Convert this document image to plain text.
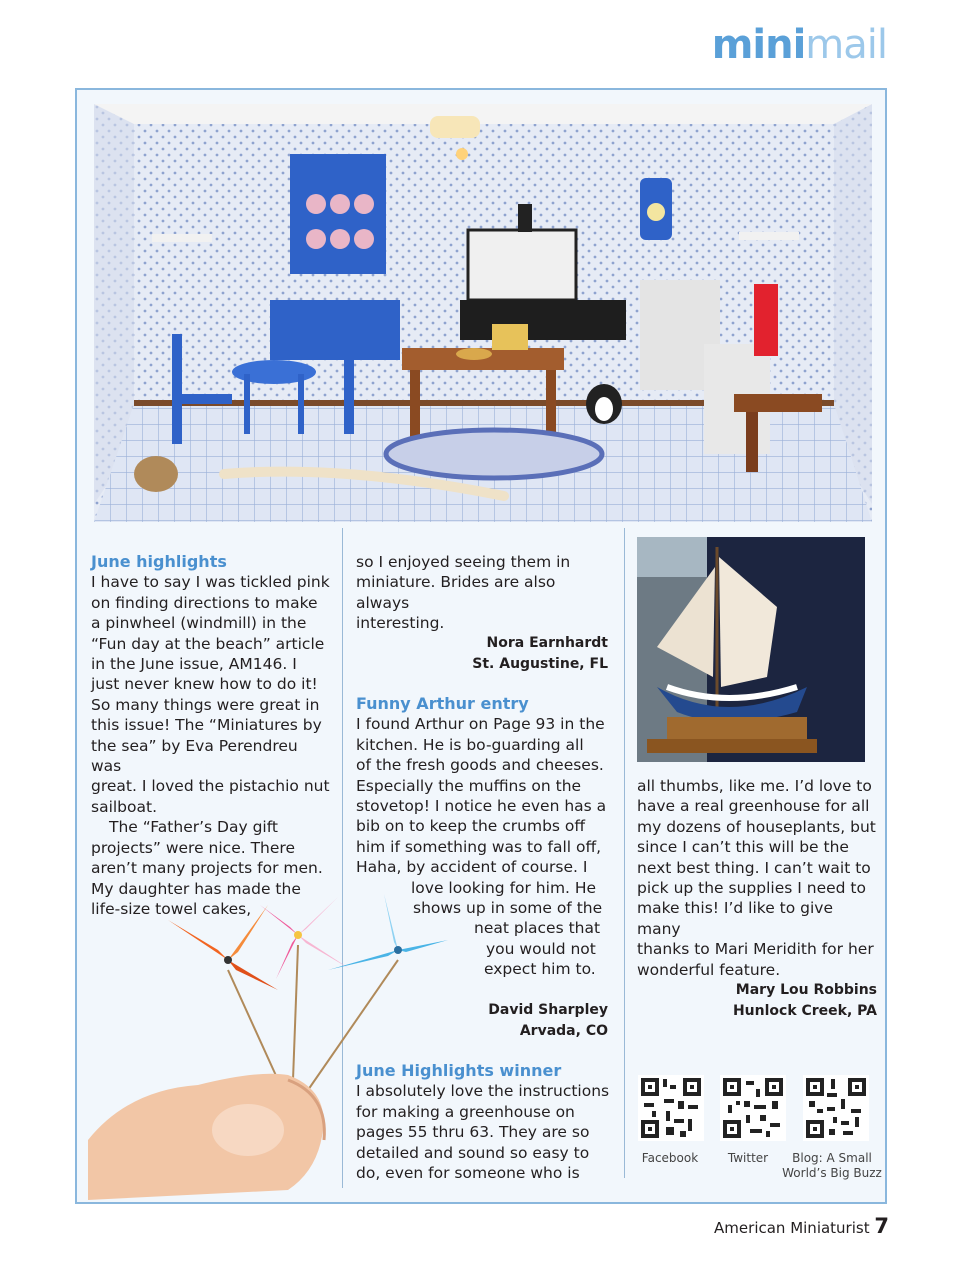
minimail

June highlights

I have to say I was tickled pink

on finding directions to make

a pinwheel (windmill) in the

“Fun day at the beach” article

in the June issue, AM146. I

just never knew how to do it!

So many things were great in

this issue! The “Miniatures by

the sea” by Eva Perendreu was

great. I loved the pistachio nut

sailboat.

The “Father’s Day gift

projects” were nice. There

aren’t many projects for men.

My daughter has made the

life-size towel cakes,

so I enjoyed seeing them in

miniature. Brides are also always

interesting.

Nora Earnhardt

St. Augustine, FL

Funny Arthur entry

I found Arthur on Page 93 in the

kitchen. He is bo-guarding all

of the fresh goods and cheeses.

Especially the muffins on the

stovetop! I notice he even has a

bib on to keep the crumbs off

him if something was to fall off,

Haha, by accident of course. I

love looking for him. He

shows up in some of the

neat places that

you would not

expect him to.

David Sharpley

Arvada, CO

June Highlights winner

I absolutely love the instructions

for making a greenhouse on

pages 55 thru 63. They are so

detailed and sound so easy to

do, even for someone who is

all thumbs, like me. I’d love to

have a real greenhouse for all

my dozens of houseplants, but

since I can’t this will be the

next best thing. I can’t wait to

pick up the supplies I need to

make this! I’d like to give many

thanks to Mari Meridith for her

wonderful feature.

Mary Lou Robbins

Hunlock Creek, PA

Facebook	Twitter	Blog: A Small
World’s Big Buzz
American Miniaturist 7
